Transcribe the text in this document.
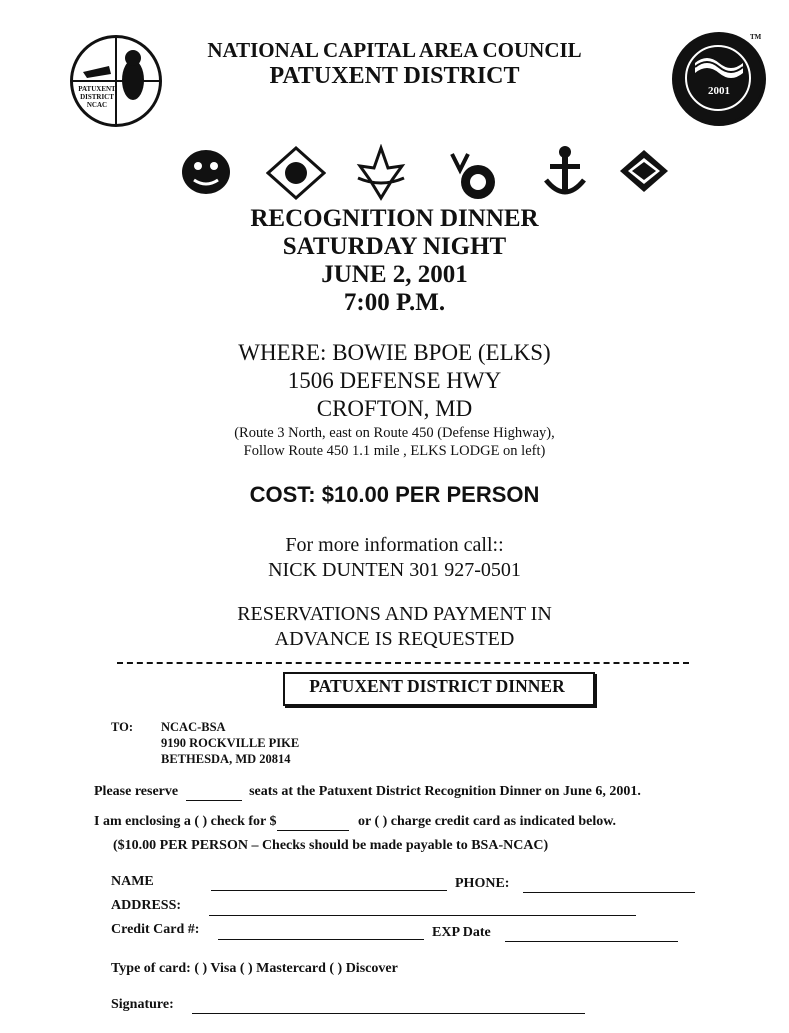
PATUXENT DISTRICT NCAC
2001
TM
NATIONAL CAPITAL AREA COUNCIL
PATUXENT DISTRICT
RECOGNITION DINNER
SATURDAY NIGHT
JUNE 2, 2001
7:00 P.M.
WHERE: BOWIE BPOE (ELKS)
1506 DEFENSE HWY
CROFTON, MD
(Route 3 North, east on Route 450 (Defense Highway),
Follow Route 450 1.1 mile , ELKS LODGE on left)
COST: $10.00 PER PERSON
For more information call::
NICK DUNTEN 301 927-0501
RESERVATIONS AND PAYMENT IN
ADVANCE IS REQUESTED
PATUXENT DISTRICT DINNER
TO: NCAC-BSA
9190 ROCKVILLE PIKE
BETHESDA, MD 20814
Please reserve	seats at the Patuxent District Recognition Dinner on June 6, 2001.
I am enclosing a ( ) check for $	or ( ) charge credit card as indicated below.
($10.00 PER PERSON – Checks should be made payable to BSA-NCAC)
NAME	PHONE:
ADDRESS:
Credit Card #:	EXP Date
Type of card: ( ) Visa ( ) Mastercard ( ) Discover
Signature:
